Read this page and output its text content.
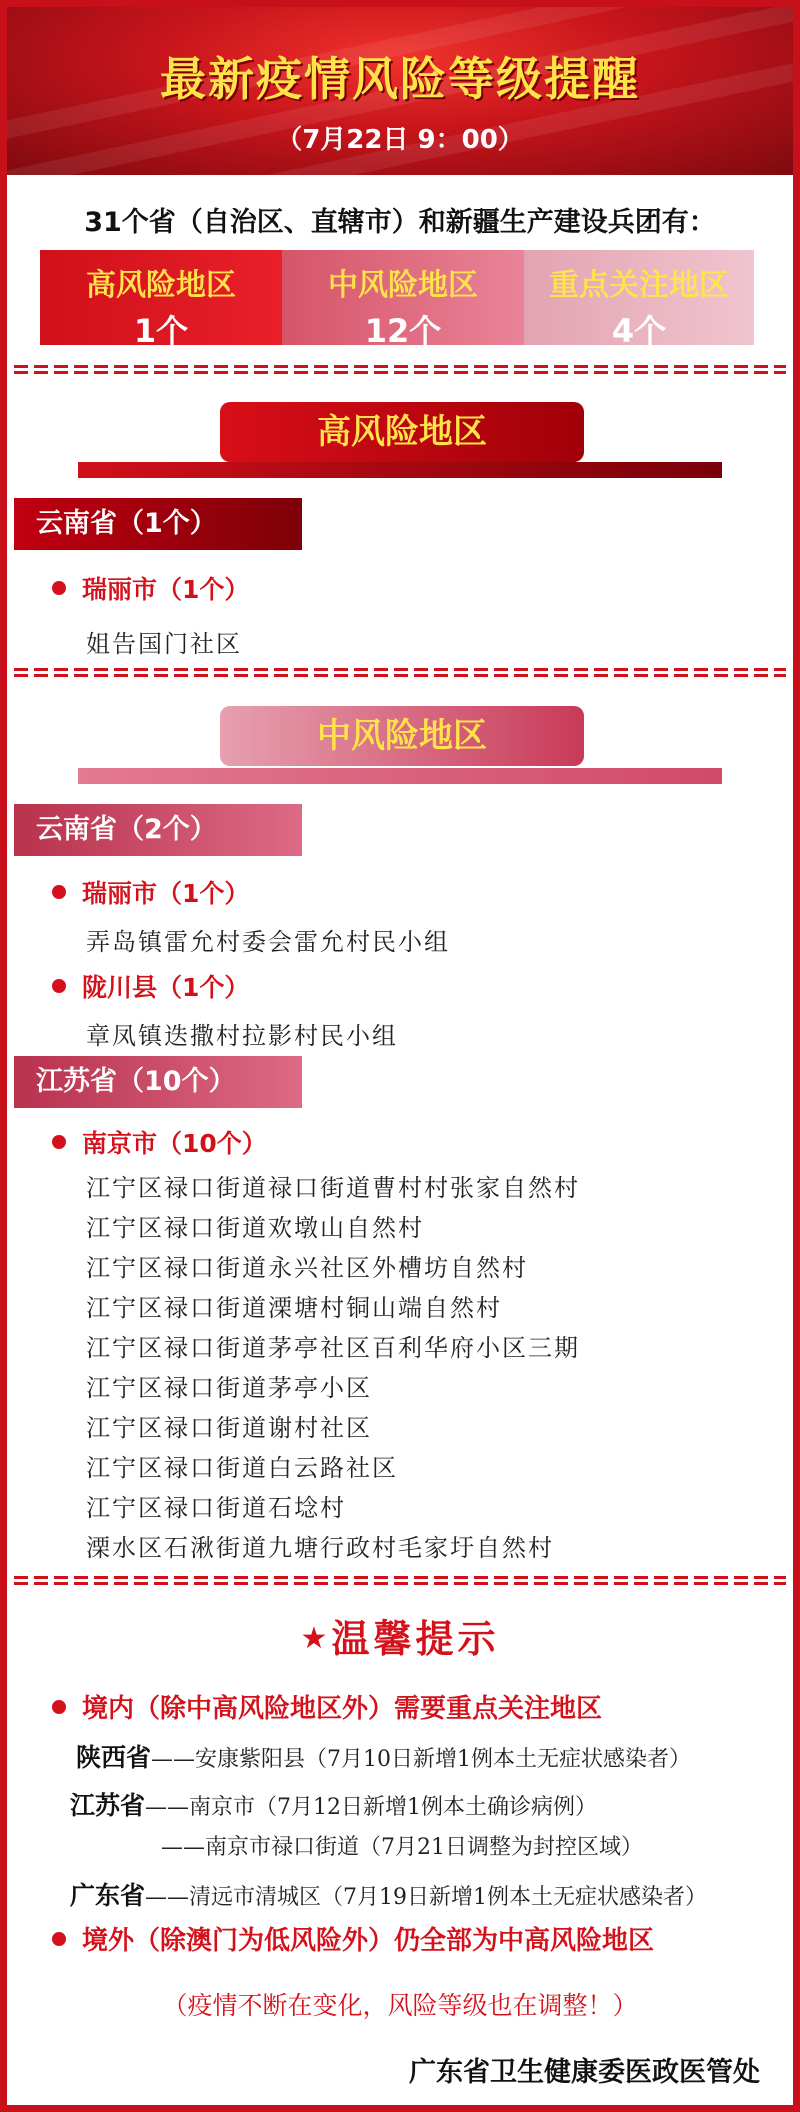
最新疫情风险等级提醒
（7月22日 9：00）
31个省（自治区、直辖市）和新疆生产建设兵团有：
高风险地区
1个
中风险地区
12个
重点关注地区
4个
高风险地区
云南省（1个）
瑞丽市（1个）
姐告国门社区
中风险地区
云南省（2个）
瑞丽市（1个）
弄岛镇雷允村委会雷允村民小组
陇川县（1个）
章凤镇迭撒村拉影村民小组
江苏省（10个）
南京市（10个）
江宁区禄口街道禄口街道曹村村张家自然村
江宁区禄口街道欢墩山自然村
江宁区禄口街道永兴社区外槽坊自然村
江宁区禄口街道溧塘村铜山端自然村
江宁区禄口街道茅亭社区百利华府小区三期
江宁区禄口街道茅亭小区
江宁区禄口街道谢村社区
江宁区禄口街道白云路社区
江宁区禄口街道石埝村
溧水区石湫街道九塘行政村毛家圩自然村
★温馨提示
境内（除中高风险地区外）需要重点关注地区
陕西省——安康紫阳县（7月10日新增1例本土无症状感染者）
江苏省——南京市（7月12日新增1例本土确诊病例）
——南京市禄口街道（7月21日调整为封控区域）
广东省——清远市清城区（7月19日新增1例本土无症状感染者）
境外（除澳门为低风险外）仍全部为中高风险地区
（疫情不断在变化，风险等级也在调整！）
广东省卫生健康委医政医管处
